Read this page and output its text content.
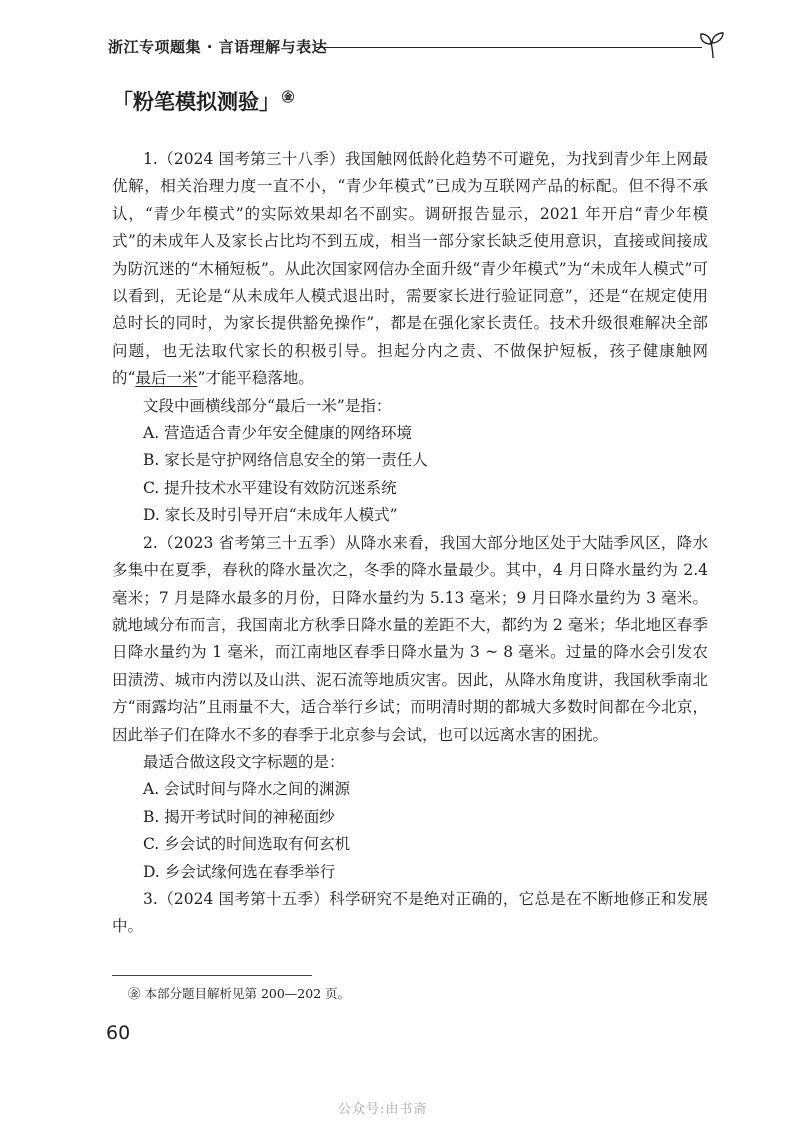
浙江专项题集 · 言语理解与表达
「粉笔模拟测验」 ㊎

1.（2024 国考第三十八季）我国触网低龄化趋势不可避免，为找到青少年上网最优解，相关治理力度一直不小，“青少年模式”已成为互联网产品的标配。但不得不承认，“青少年模式”的实际效果却名不副实。调研报告显示，2021 年开启“青少年模式”的未成年人及家长占比均不到五成，相当一部分家长缺乏使用意识，直接或间接成为防沉迷的“木桶短板”。从此次国家网信办全面升级“青少年模式”为“未成年人模式”可以看到，无论是“从未成年人模式退出时，需要家长进行验证同意”，还是“在规定使用总时长的同时，为家长提供豁免操作”，都是在强化家长责任。技术升级很难解决全部问题，也无法取代家长的积极引导。担起分内之责、不做保护短板，孩子健康触网的“最后一米”才能平稳落地。

文段中画横线部分“最后一米”是指：

A. 营造适合青少年安全健康的网络环境

B. 家长是守护网络信息安全的第一责任人

C. 提升技术水平建设有效防沉迷系统

D. 家长及时引导开启“未成年人模式”

2.（2023 省考第三十五季）从降水来看，我国大部分地区处于大陆季风区，降水多集中在夏季，春秋的降水量次之，冬季的降水量最少。其中，4 月日降水量约为 2.4 毫米；7 月是降水最多的月份，日降水量约为 5.13 毫米；9 月日降水量约为 3 毫米。就地域分布而言，我国南北方秋季日降水量的差距不大，都约为 2 毫米；华北地区春季日降水量约为 1 毫米，而江南地区春季日降水量为 3 ~ 8 毫米。过量的降水会引发农田渍涝、城市内涝以及山洪、泥石流等地质灾害。因此，从降水角度讲，我国秋季南北方“雨露均沾”且雨量不大，适合举行乡试；而明清时期的都城大多数时间都在今北京，因此举子们在降水不多的春季于北京参与会试，也可以远离水害的困扰。

最适合做这段文字标题的是：

A. 会试时间与降水之间的渊源

B. 揭开考试时间的神秘面纱

C. 乡会试的时间选取有何玄机

D. 乡会试缘何选在春季举行

3.（2024 国考第十五季）科学研究不是绝对正确的，它总是在不断地修正和发展中。

㊎ 本部分题目解析见第 200—202 页。
60
公众号:由书斋
